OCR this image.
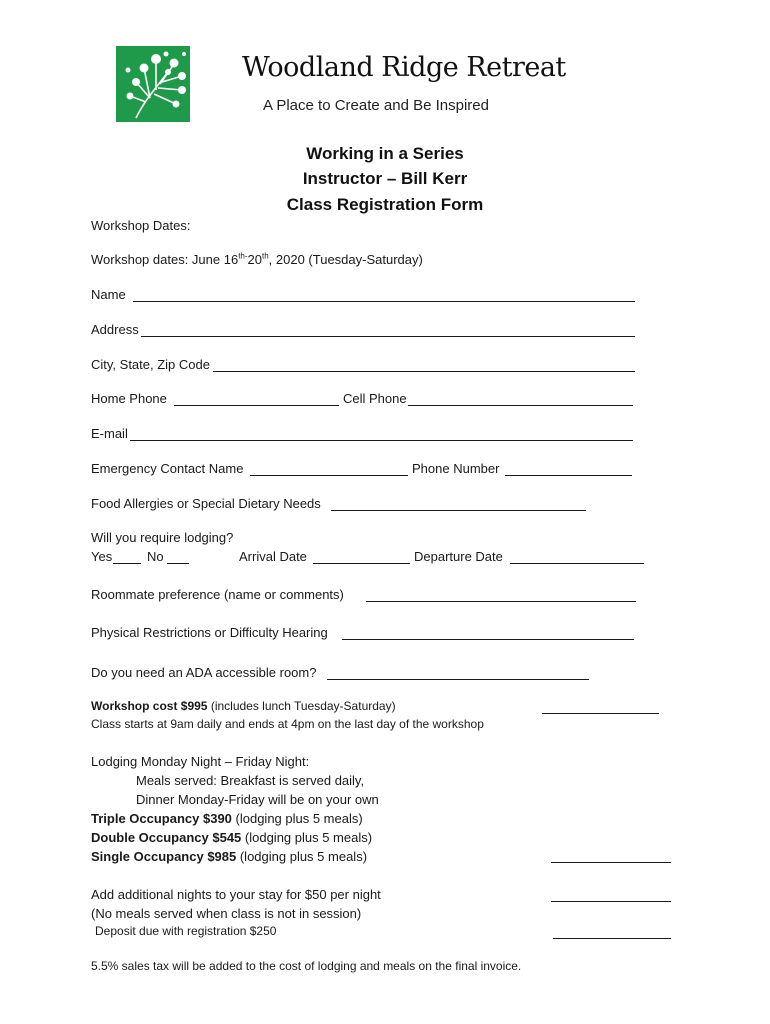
Woodland Ridge Retreat
A Place to Create and Be Inspired
Working in a Series
Instructor – Bill Kerr
Class Registration Form
Workshop Dates:
Workshop dates: June $16^{th-}20th$, 2020 (Tuesday-Saturday)
Name
Address
City, State, Zip Code
Home Phone	Cell Phone
E-mail
Emergency Contact Name	Phone Number
Food Allergies or Special Dietary Needs
Will you require lodging?
Yes	No	Arrival Date	Departure Date
Roommate preference (name or comments)
Physical Restrictions or Difficulty Hearing
Do you need an ADA accessible room?
Workshop cost $995 (includes lunch Tuesday-Saturday)
Class starts at 9am daily and ends at 4pm on the last day of the workshop
Lodging Monday Night – Friday Night:
Meals served: Breakfast is served daily,
Dinner Monday-Friday will be on your own
Triple Occupancy $390 (lodging plus 5 meals)
Double Occupancy $545 (lodging plus 5 meals)
Single Occupancy $985 (lodging plus 5 meals)
Add additional nights to your stay for $50 per night
(No meals served when class is not in session)
Deposit due with registration $250
5.5% sales tax will be added to the cost of lodging and meals on the final invoice.
